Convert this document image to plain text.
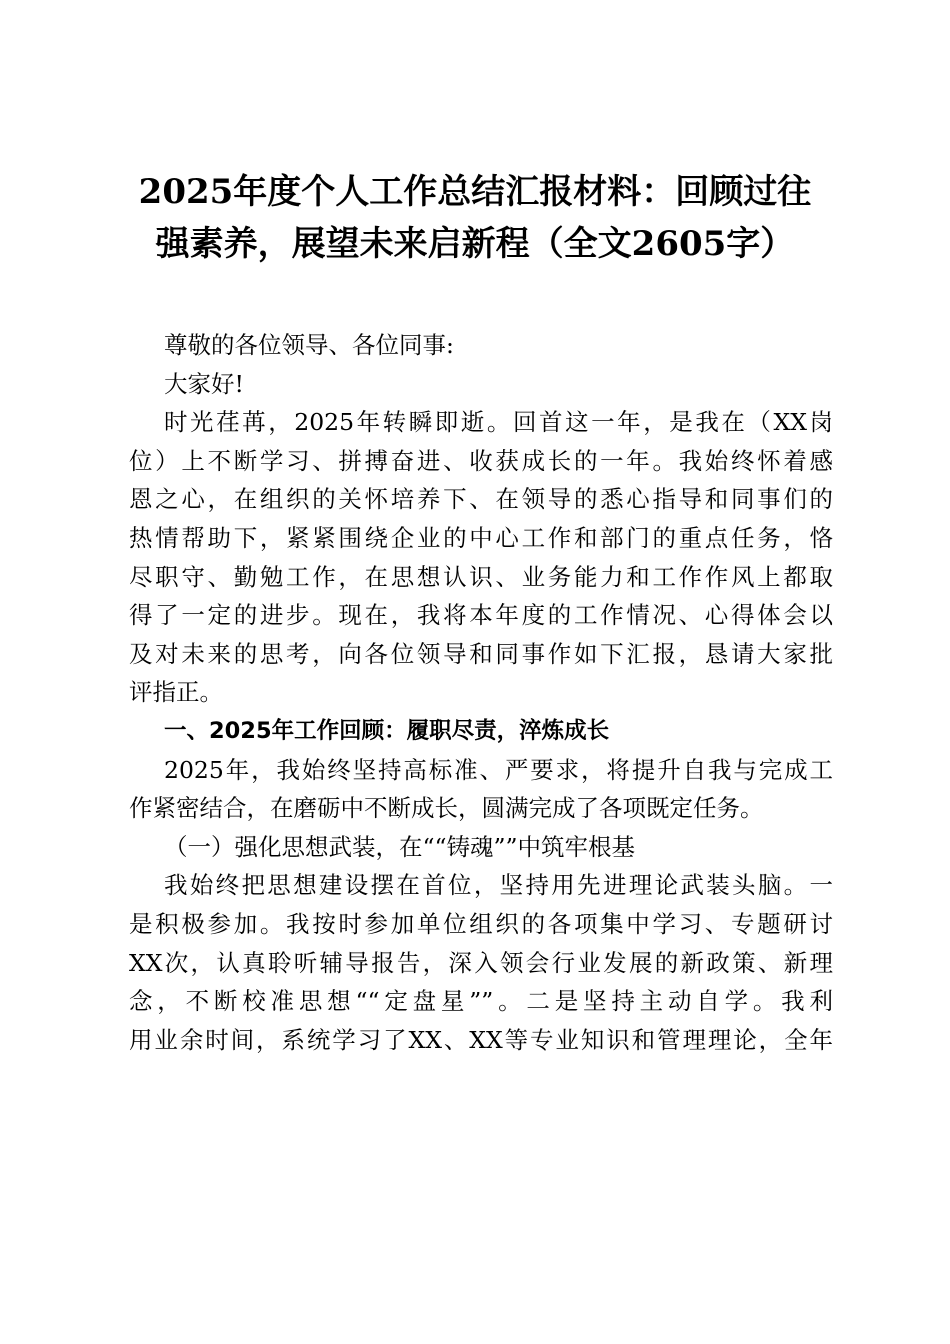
2025年度个人工作总结汇报材料：回顾过往
强素养，展望未来启新程（全文2605字）
尊敬的各位领导、各位同事:
大家好!
时光荏苒，2025年转瞬即逝。回首这一年，是我在（XX岗
位）上不断学习、拼搏奋进、收获成长的一年。我始终怀着感
恩之心，在组织的关怀培养下、在领导的悉心指导和同事们的
热情帮助下，紧紧围绕企业的中心工作和部门的重点任务，恪
尽职守、勤勉工作，在思想认识、业务能力和工作作风上都取
得了一定的进步。现在，我将本年度的工作情况、心得体会以
及对未来的思考，向各位领导和同事作如下汇报，恳请大家批
评指正。
一、2025年工作回顾：履职尽责，淬炼成长
2025年，我始终坚持高标准、严要求，将提升自我与完成工
作紧密结合，在磨砺中不断成长，圆满完成了各项既定任务。
（一）强化思想武装，在““铸魂””中筑牢根基
我始终把思想建设摆在首位，坚持用先进理论武装头脑。一
是积极参加。我按时参加单位组织的各项集中学习、专题研讨
XX次，认真聆听辅导报告，深入领会行业发展的新政策、新理
念，不断校准思想““定盘星””。二是坚持主动自学。我利
用业余时间，系统学习了XX、XX等专业知识和管理理论，全年
